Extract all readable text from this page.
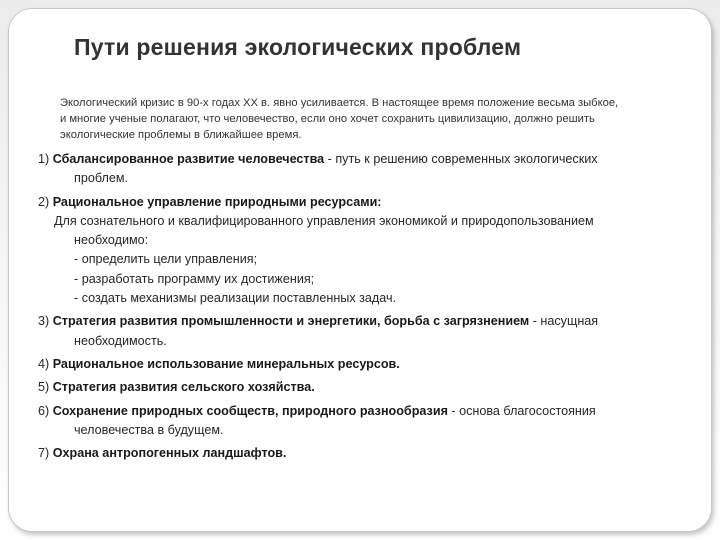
Пути решения экологических проблем
Экологический кризис в 90-х годах XX в. явно усиливается. В настоящее время положение весьма зыбкое,
и многие ученые полагают, что человечество, если оно хочет сохранить цивилизацию, должно решить
экологические проблемы в ближайшее время.
1) Сбалансированное развитие человечества - путь к решению современных экологических
проблем.
2) Рациональное управление природными ресурсами:
Для сознательного и квалифицированного управления экономикой и природопользованием
необходимо:
- определить цели управления;
- разработать программу их достижения;
- создать механизмы реализации поставленных задач.
3) Стратегия развития промышленности и энергетики, борьба с загрязнением - насущная
необходимость.
4) Рациональное использование минеральных ресурсов.
5) Стратегия развития сельского хозяйства.
6) Сохранение природных сообществ, природного разнообразия - основа благосостояния
человечества в будущем.
7) Охрана антропогенных ландшафтов.
